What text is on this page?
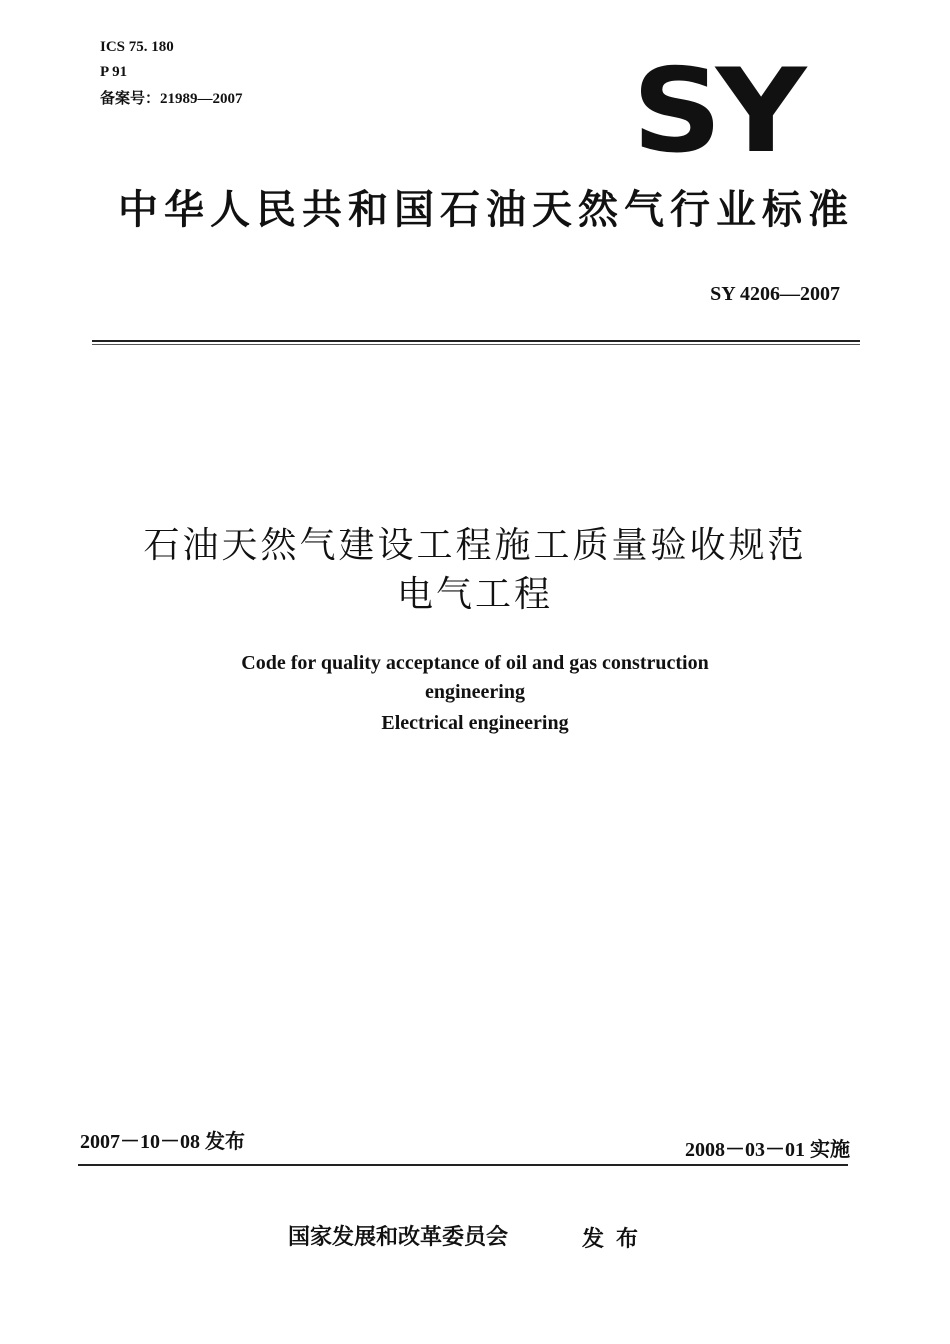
ICS 75. 180
P 91
备案号：21989—2007	SY
中华人民共和国石油天然气行业标准
SY 4206—2007
石油天然气建设工程施工质量验收规范
电气工程
Code for quality acceptance of oil and gas construction
engineering
Electrical engineering
2007－10－08 发布	2008－03－01 实施
国家发展和改革委员会	发布
